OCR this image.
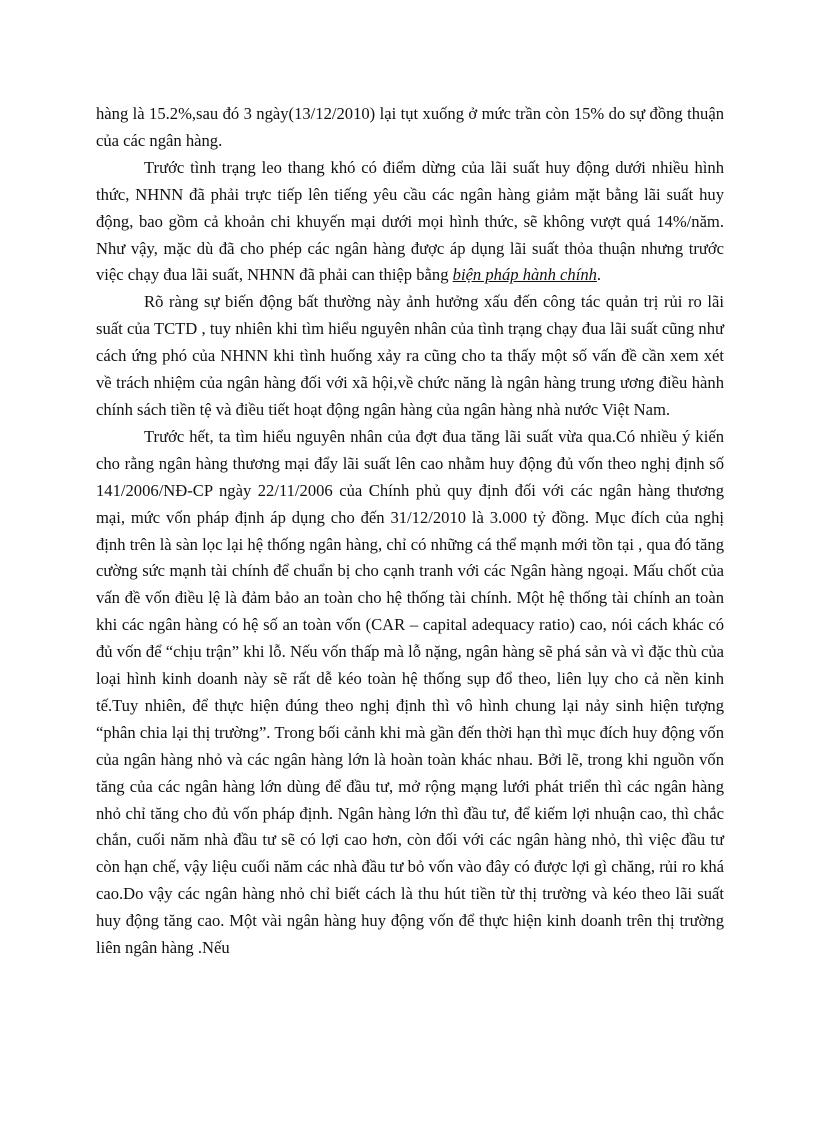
hàng là 15.2%,sau đó 3 ngày(13/12/2010) lại tụt xuống ở mức trần còn 15% do sự đồng thuận của các ngân hàng.

Trước tình trạng leo thang khó có điểm dừng của lãi suất huy động dưới nhiều hình thức, NHNN đã phải trực tiếp lên tiếng yêu cầu các ngân hàng giảm mặt bằng lãi suất huy động, bao gồm cả khoản chi khuyến mại dưới mọi hình thức, sẽ không vượt quá 14%/năm. Như vậy, mặc dù đã cho phép các ngân hàng được áp dụng lãi suất thỏa thuận nhưng trước việc chạy đua lãi suất, NHNN đã phải can thiệp bằng biện pháp hành chính.

Rõ ràng sự biến động bất thường này ảnh hưởng xấu đến công tác quản trị rủi ro lãi suất của TCTD , tuy nhiên khi tìm hiểu nguyên nhân của tình trạng chạy đua lãi suất cũng như cách ứng phó của NHNN khi tình huống xảy ra cũng cho ta thấy một số vấn đề cần xem xét về trách nhiệm của ngân hàng đối với xã hội,về chức năng là ngân hàng trung ương điều hành chính sách tiền tệ và điều tiết hoạt động ngân hàng của ngân hàng nhà nước Việt Nam.

Trước hết, ta tìm hiểu nguyên nhân của đợt đua tăng lãi suất vừa qua.Có nhiều ý kiến cho rằng ngân hàng thương mại đẩy lãi suất lên cao nhằm huy động đủ vốn theo nghị định số 141/2006/NĐ-CP ngày 22/11/2006 của Chính phủ quy định đối với các ngân hàng thương mại, mức vốn pháp định áp dụng cho đến 31/12/2010 là 3.000 tỷ đồng. Mục đích của nghị định trên là sàn lọc lại hệ thống ngân hàng, chỉ có những cá thể mạnh mới tồn tại , qua đó tăng cường sức mạnh tài chính để chuẩn bị cho cạnh tranh với các Ngân hàng ngoại. Mấu chốt của vấn đề vốn điều lệ là đảm bảo an toàn cho hệ thống tài chính. Một hệ thống tài chính an toàn khi các ngân hàng có hệ số an toàn vốn (CAR – capital adequacy ratio) cao, nói cách khác có đủ vốn để “chịu trận” khi lỗ. Nếu vốn thấp mà lỗ nặng, ngân hàng sẽ phá sản và vì đặc thù của loại hình kinh doanh này sẽ rất dễ kéo toàn hệ thống sụp đổ theo, liên lụy cho cả nền kinh tế.Tuy nhiên, để thực hiện đúng theo nghị định thì vô hình chung lại nảy sinh hiện tượng “phân chia lại thị trường”. Trong bối cảnh khi mà gần đến thời hạn thì mục đích huy động vốn của ngân hàng nhỏ và các ngân hàng lớn là hoàn toàn khác nhau. Bởi lẽ, trong khi nguồn vốn tăng của các ngân hàng lớn dùng để đầu tư, mở rộng mạng lưới phát triển thì các ngân hàng nhỏ chỉ tăng cho đủ vốn pháp định. Ngân hàng lớn thì đầu tư, để kiếm lợi nhuận cao, thì chắc chắn, cuối năm nhà đầu tư sẽ có lợi cao hơn, còn đối với các ngân hàng nhỏ, thì việc đầu tư còn hạn chế, vậy liệu cuối năm các nhà đầu tư bỏ vốn vào đây có được lợi gì chăng, rủi ro khá cao.Do vậy các ngân hàng nhỏ chỉ biết cách là thu hút tiền từ thị trường và kéo theo lãi suất huy động tăng cao. Một vài ngân hàng huy động vốn để thực hiện kinh doanh trên thị trường liên ngân hàng .Nếu
